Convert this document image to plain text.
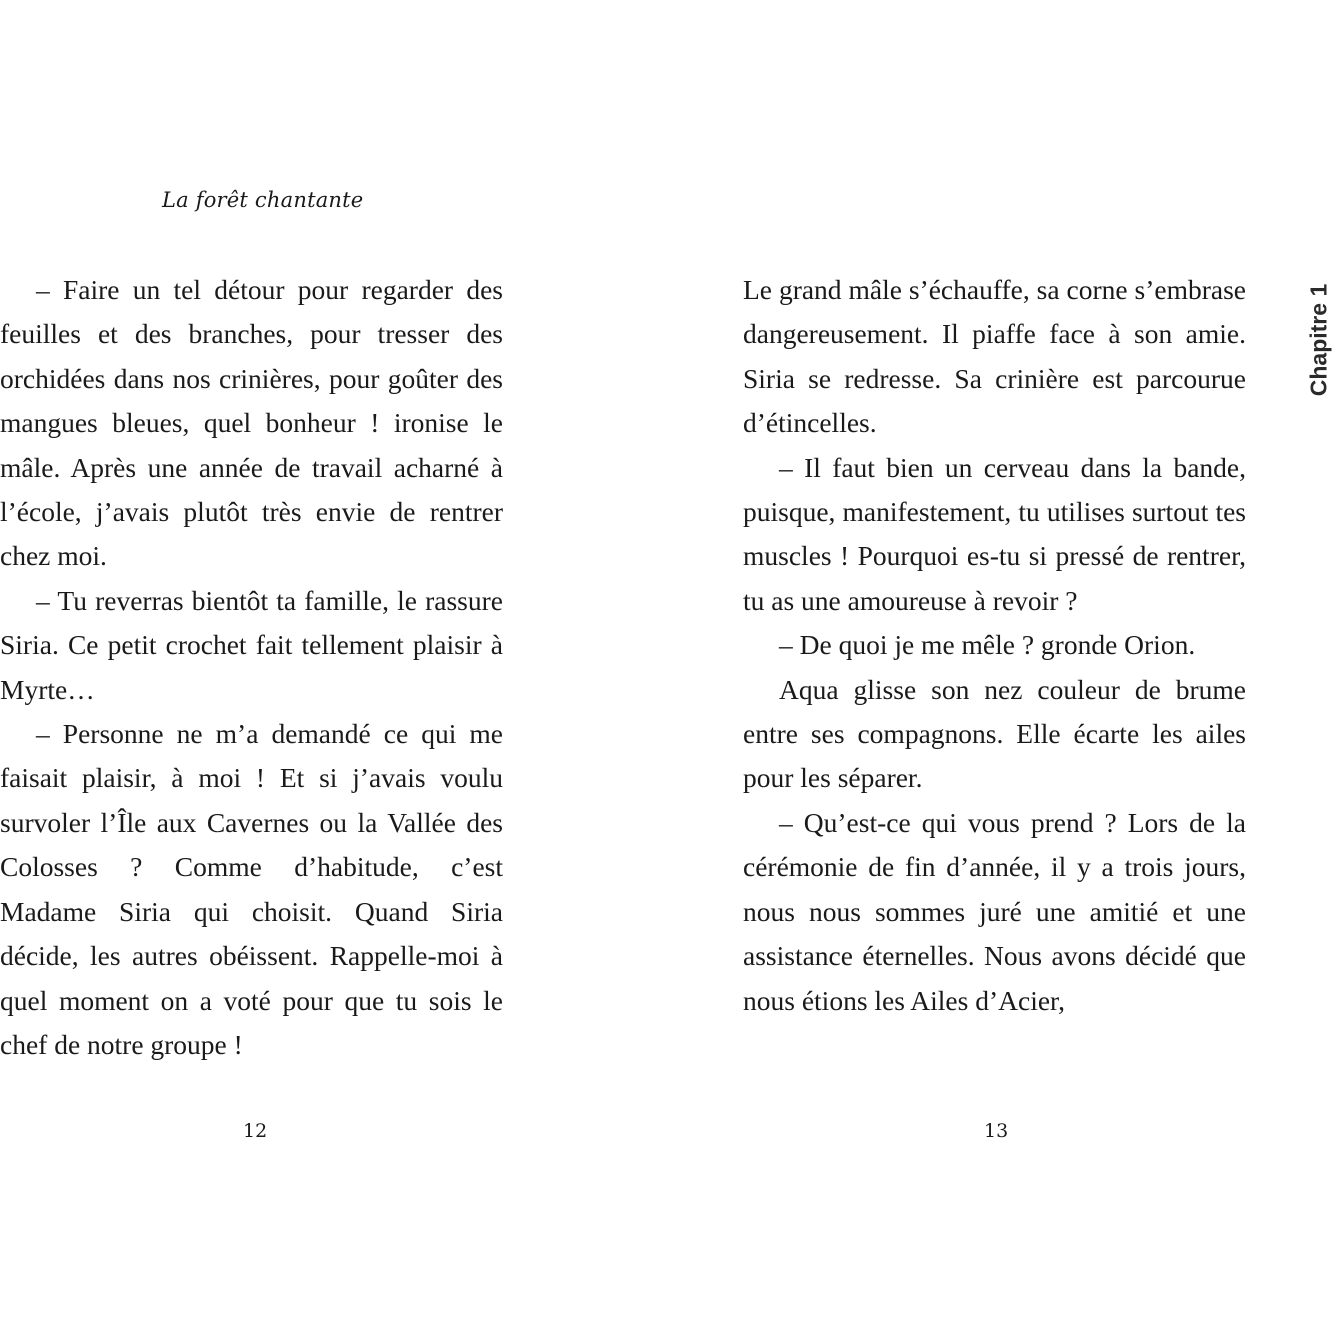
La forêt chantante

– Faire un tel détour pour regarder des feuilles et des branches, pour tresser des orchidées dans nos crinières, pour goûter des mangues bleues, quel bonheur ! ironise le mâle. Après une année de travail acharné à l’école, j’avais plutôt très envie de rentrer chez moi.

– Tu reverras bientôt ta famille, le rassure Siria. Ce petit crochet fait tellement plaisir à Myrte…

– Personne ne m’a demandé ce qui me faisait plaisir, à moi ! Et si j’avais voulu survoler l’Île aux Cavernes ou la Vallée des Colosses ? Comme d’habitude, c’est Madame Siria qui choisit. Quand Siria décide, les autres obéissent. Rappelle-moi à quel moment on a voté pour que tu sois le chef de notre groupe !

12

Le grand mâle s’échauffe, sa corne s’embrase dangereusement. Il piaffe face à son amie. Siria se redresse. Sa crinière est parcourue d’étincelles.

– Il faut bien un cerveau dans la bande, puisque, manifestement, tu utilises surtout tes muscles ! Pourquoi es-tu si pressé de rentrer, tu as une amoureuse à revoir ?

– De quoi je me mêle ? gronde Orion.

Aqua glisse son nez couleur de brume entre ses compagnons. Elle écarte les ailes pour les séparer.

– Qu’est-ce qui vous prend ? Lors de la cérémonie de fin d’année, il y a trois jours, nous nous sommes juré une amitié et une assistance éternelles. Nous avons décidé que nous étions les Ailes d’Acier,

13
Chapitre 1
